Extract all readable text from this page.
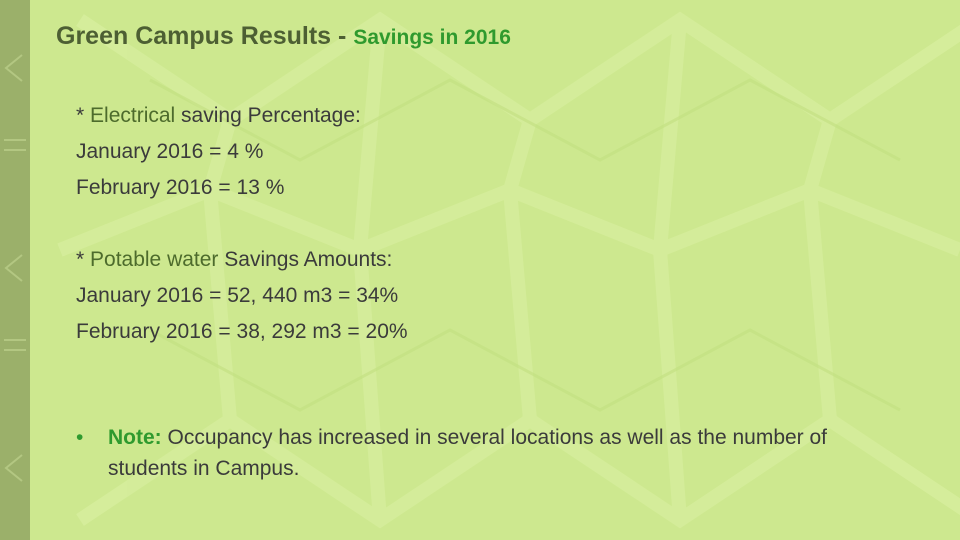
Green Campus Results - Savings in 2016

* Electrical saving Percentage:
January 2016 = 4 %
February 2016 = 13 %

* Potable water Savings Amounts:
January 2016 = 52, 440 m3 = 34%
February 2016 = 38, 292 m3 = 20%

•	Note: Occupancy has increased in several locations as well as the number of students in Campus.
